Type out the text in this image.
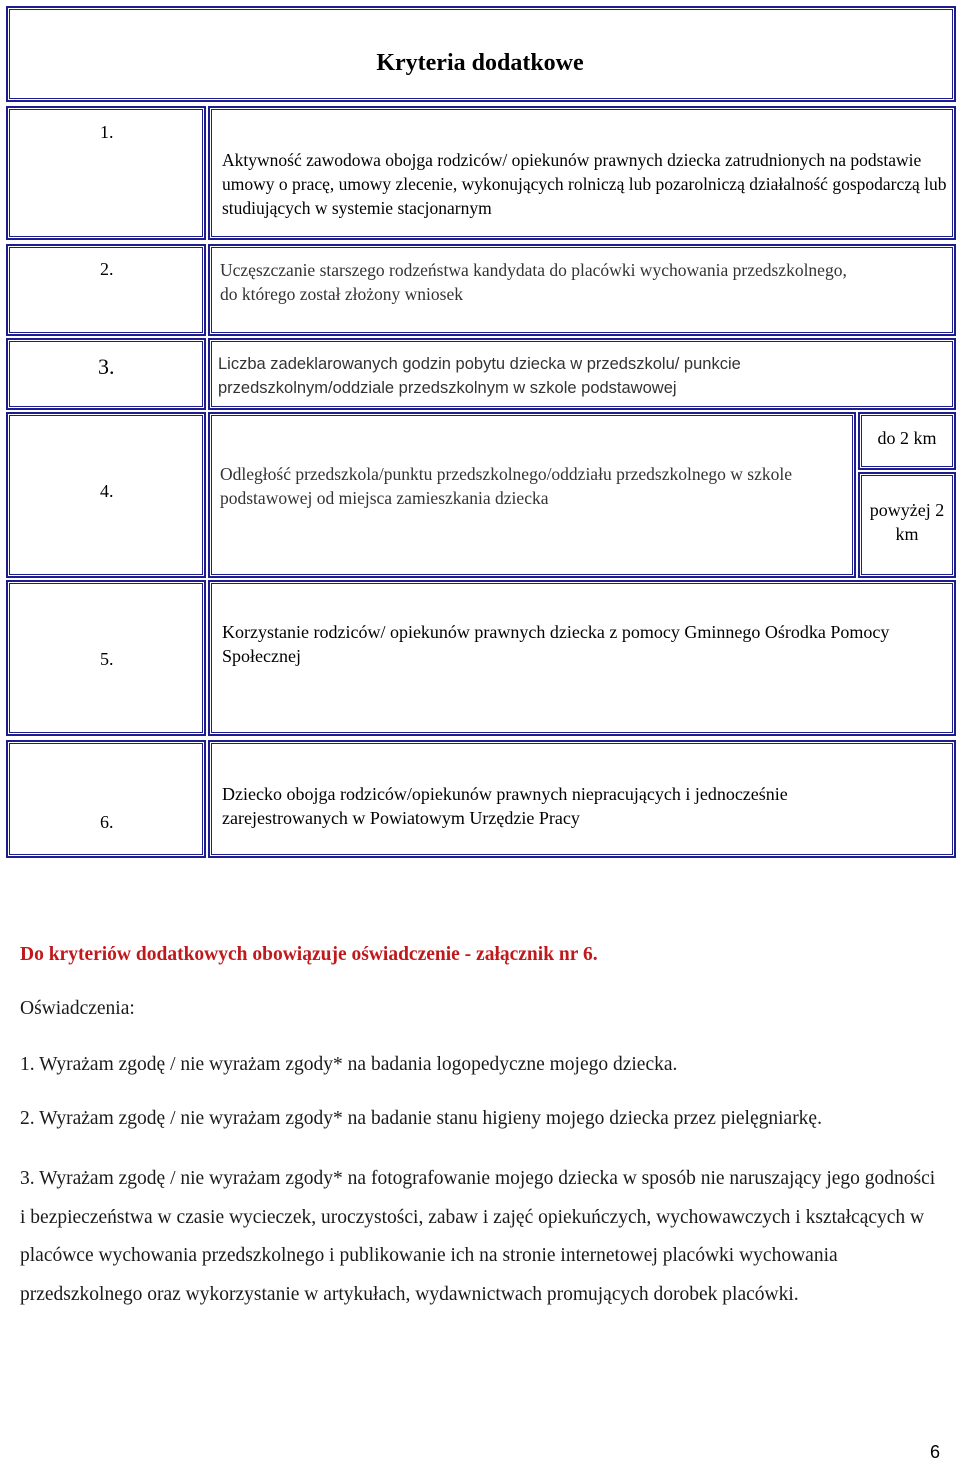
Kryteria dodatkowe
1.
Aktywność zawodowa obojga rodziców/ opiekunów prawnych dziecka zatrudnionych na podstawie umowy o pracę, umowy zlecenie, wykonujących rolniczą lub pozarolniczą działalność gospodarczą lub studiujących w systemie stacjonarnym
2.	Uczęszczanie starszego rodzeństwa kandydata do placówki wychowania przedszkolnego, do którego został złożony wniosek
3.	Liczba zadeklarowanych godzin pobytu dziecka w przedszkolu/ punkcie przedszkolnym/oddziale przedszkolnym w szkole podstawowej
4.
Odległość przedszkola/punktu przedszkolnego/oddziału przedszkolnego w szkole podstawowej od miejsca zamieszkania dziecka
do 2 km
powyżej 2 km
5.
Korzystanie rodziców/ opiekunów prawnych dziecka z pomocy Gminnego Ośrodka Pomocy Społecznej
6.
Dziecko obojga rodziców/opiekunów prawnych niepracujących i jednocześnie zarejestrowanych w Powiatowym Urzędzie Pracy
Do kryteriów dodatkowych obowiązuje oświadczenie - załącznik nr 6.
Oświadczenia:
1. Wyrażam zgodę / nie wyrażam zgody* na badania logopedyczne mojego dziecka.
2. Wyrażam zgodę / nie wyrażam zgody* na badanie stanu higieny mojego dziecka przez pielęgniarkę.
3. Wyrażam zgodę / nie wyrażam zgody* na fotografowanie mojego dziecka w sposób nie naruszający jego godności i bezpieczeństwa w czasie wycieczek, uroczystości, zabaw i zajęć opiekuńczych, wychowawczych i kształcących w placówce wychowania przedszkolnego i publikowanie ich na stronie internetowej placówki wychowania przedszkolnego oraz wykorzystanie w artykułach, wydawnictwach promujących dorobek placówki.
6
